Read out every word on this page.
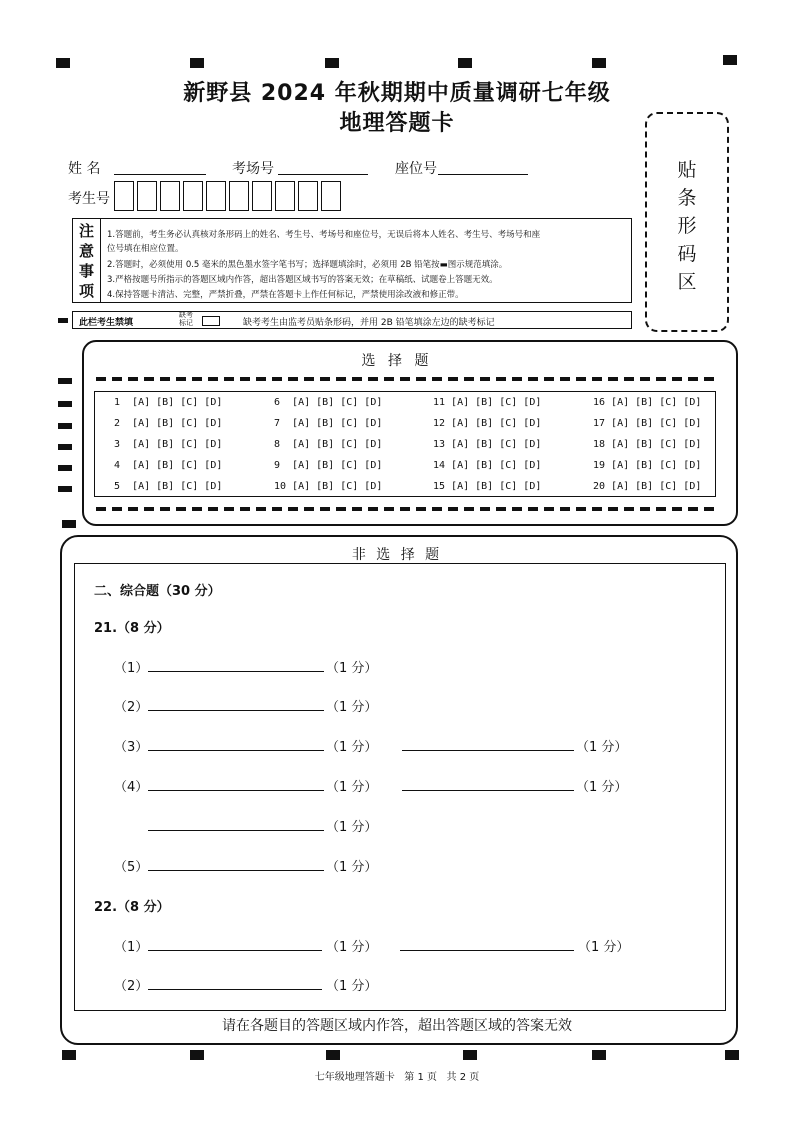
新野县 2024 年秋期期中质量调研七年级
地理答题卡
姓 名	考场号	座位号
考生号
注
意
事
项
1.答题前，考生务必认真核对条形码上的姓名、考生号、考场号和座位号，无误后将本人姓名、考生号、考场号和座
位号填在相应位置。
2.答题时，必须使用 0.5 毫米的黑色墨水签字笔书写；选择题填涂时，必须用 2B 铅笔按▬图示规范填涂。
3.严格按题号所指示的答题区域内作答，超出答题区域书写的答案无效；在草稿纸、试题卷上答题无效。
4.保持答题卡清洁、完整，严禁折叠，严禁在答题卡上作任何标记，严禁使用涂改液和修正带。
此栏考生禁填
缺考标记	缺考考生由监考员贴条形码，并用 2B 铅笔填涂左边的缺考标记
贴
条
形
码
区
选 择 题
1  [A] [B] [C] [D]
2  [A] [B] [C] [D]
3  [A] [B] [C] [D]
4  [A] [B] [C] [D]
5  [A] [B] [C] [D]
6  [A] [B] [C] [D]
7  [A] [B] [C] [D]
8  [A] [B] [C] [D]
9  [A] [B] [C] [D]
10 [A] [B] [C] [D]
11 [A] [B] [C] [D]
12 [A] [B] [C] [D]
13 [A] [B] [C] [D]
14 [A] [B] [C] [D]
15 [A] [B] [C] [D]
16 [A] [B] [C] [D]
17 [A] [B] [C] [D]
18 [A] [B] [C] [D]
19 [A] [B] [C] [D]
20 [A] [B] [C] [D]
非 选 择 题
二、综合题（30 分）
21.（8 分）
（1）	（1 分）
（2）	（1 分）
（3）	（1 分）	（1 分）
（4）	（1 分）	（1 分）
（1 分）
（5）	（1 分）
22.（8 分）
（1）	（1 分）	（1 分）
（2）	（1 分）
请在各题目的答题区域内作答，超出答题区域的答案无效
七年级地理答题卡   第 1 页   共 2 页
